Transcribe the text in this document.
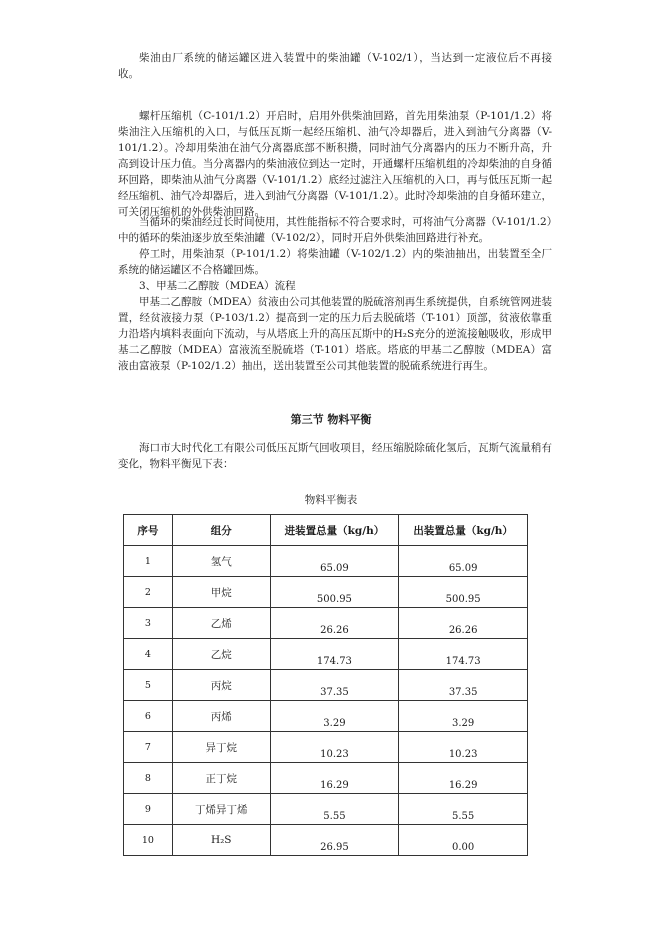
柴油由厂系统的储运罐区进入装置中的柴油罐（V-102/1），当达到一定液位后不再接收。

螺杆压缩机（C-101/1.2）开启时，启用外供柴油回路，首先用柴油泵（P-101/1.2）将柴油注入压缩机的入口，与低压瓦斯一起经压缩机、油气冷却器后，进入到油气分离器（V-101/1.2）。冷却用柴油在油气分离器底部不断积攒，同时油气分离器内的压力不断升高，升高到设计压力值。当分离器内的柴油液位到达一定时，开通螺杆压缩机组的冷却柴油的自身循环回路，即柴油从油气分离器（V-101/1.2）底经过滤注入压缩机的入口，再与低压瓦斯一起经压缩机、油气冷却器后，进入到油气分离器（V-101/1.2）。此时冷却柴油的自身循环建立，可关闭压缩机的外供柴油回路。

当循环的柴油经过长时间使用，其性能指标不符合要求时，可将油气分离器（V-101/1.2）中的循环的柴油逐步放至柴油罐（V-102/2），同时开启外供柴油回路进行补充。

停工时，用柴油泵（P-101/1.2）将柴油罐（V-102/1.2）内的柴油抽出，出装置至全厂系统的储运罐区不合格罐回炼。

3、甲基二乙醇胺（MDEA）流程

甲基二乙醇胺（MDEA）贫液由公司其他装置的脱硫溶剂再生系统提供，自系统管网进装置，经贫液接力泵（P-103/1.2）提高到一定的压力后去脱硫塔（T-101）顶部，贫液依靠重力沿塔内填料表面向下流动，与从塔底上升的高压瓦斯中的H₂S充分的逆流接触吸收，形成甲基二乙醇胺（MDEA）富液流至脱硫塔（T-101）塔底。塔底的甲基二乙醇胺（MDEA）富液由富液泵（P-102/1.2）抽出，送出装置至公司其他装置的脱硫系统进行再生。

第三节 物料平衡

海口市大时代化工有限公司低压瓦斯气回收项目，经压缩脱除硫化氢后，瓦斯气流量稍有变化，物料平衡见下表：

物料平衡表
序号	组分	进装置总量（kg/h）	出装置总量（kg/h）
1	氢气	65.09	65.09
2	甲烷	500.95	500.95
3	乙烯	26.26	26.26
4	乙烷	174.73	174.73
5	丙烷	37.35	37.35
6	丙烯	3.29	3.29
7	异丁烷	10.23	10.23
8	正丁烷	16.29	16.29
9	丁烯异丁烯	5.55	5.55
10	H₂S	26.95	0.00
